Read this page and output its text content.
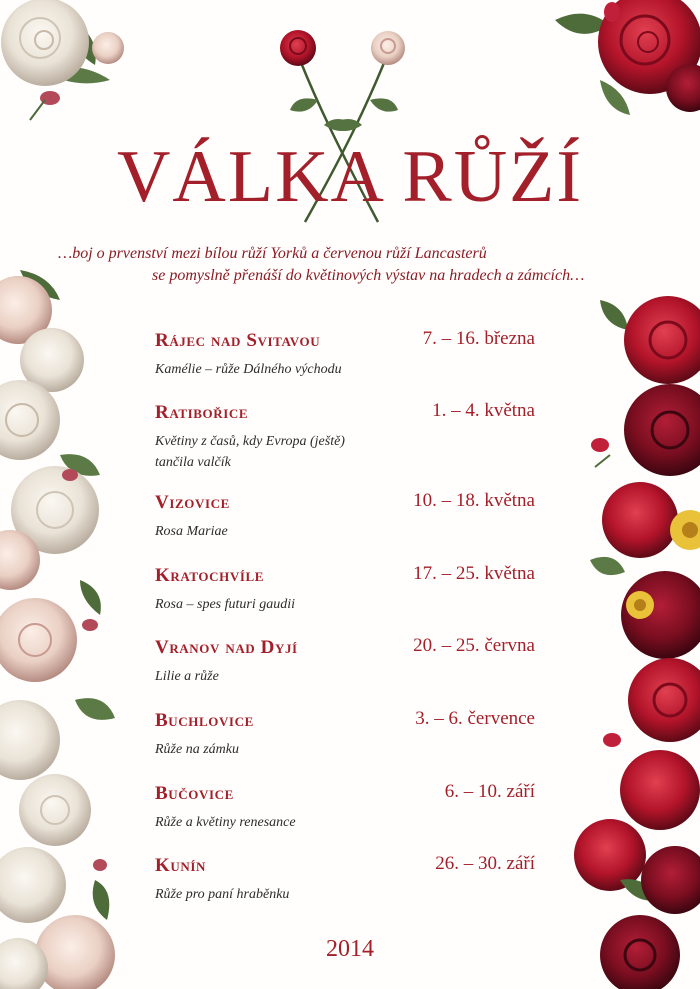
VÁLKA RŮŽÍ

…boj o prvenství mezi bílou růží Yorků a červenou růží Lancasterů
se pomyslně přenáší do květinových výstav na hradech a zámcích…

Rájec nad Svitavou	7. – 16. března
Kamélie – růže Dálného východu
Ratibořice	1. – 4. května
Květiny z časů, kdy Evropa (ještě) tančila valčík
Vizovice	10. – 18. května
Rosa Mariae
Kratochvíle	17. – 25. května
Rosa – spes futuri gaudii
Vranov nad Dyjí	20. – 25. června
Lilie a růže
Buchlovice	3. – 6. července
Růže na zámku
Bučovice	6. – 10. září
Růže a květiny renesance
Kunín	26. – 30. září
Růže pro paní hraběnku

2014
